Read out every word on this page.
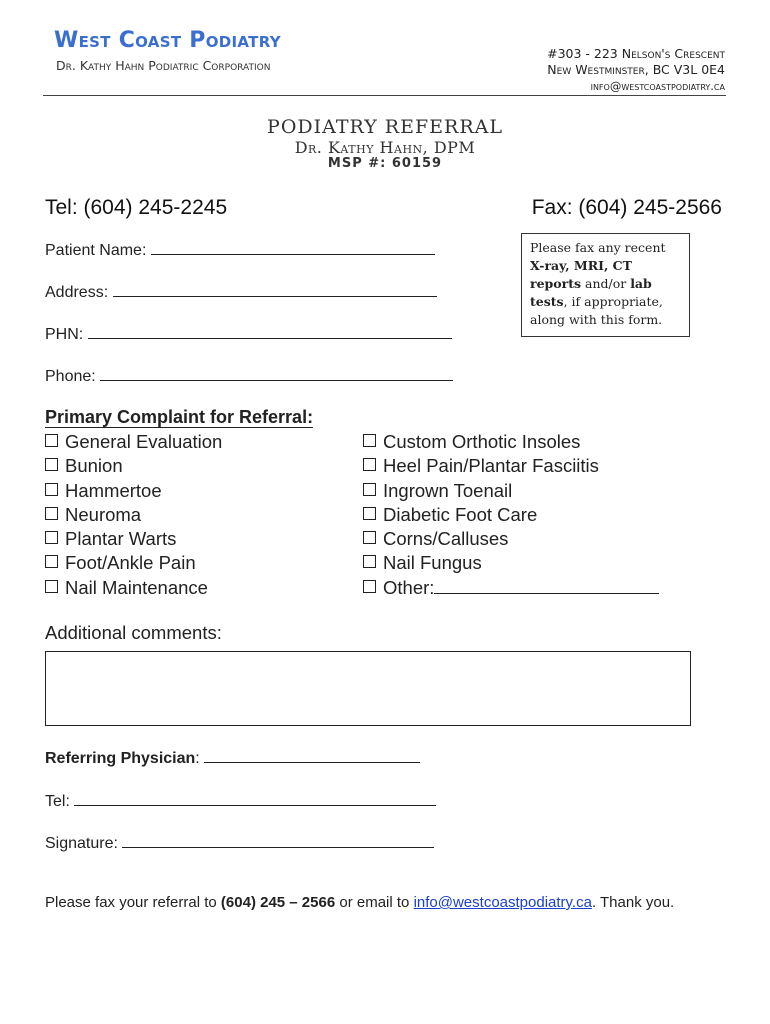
West Coast Podiatry
Dr. Kathy Hahn Podiatric Corporation
#303 - 223 Nelson's Crescent
New Westminster, BC V3L 0E4
info@westcoastpodiatry.ca
PODIATRY REFERRAL
Dr. Kathy Hahn, DPM
MSP #: 60159
Tel: (604) 245-2245	Fax: (604) 245-2566
Patient Name:
Address:
PHN:
Phone:
Please fax any recent
X-ray, MRI, CT
reports and/or lab
tests, if appropriate,
along with this form.
Primary Complaint for Referral:
General Evaluation
Bunion
Hammertoe
Neuroma
Plantar Warts
Foot/Ankle Pain
Nail Maintenance
Custom Orthotic Insoles
Heel Pain/Plantar Fasciitis
Ingrown Toenail
Diabetic Foot Care
Corns/Calluses
Nail Fungus
Other:
Additional comments:
Referring Physician:
Tel:
Signature:
Please fax your referral to (604) 245 – 2566 or email to info@westcoastpodiatry.ca. Thank you.
